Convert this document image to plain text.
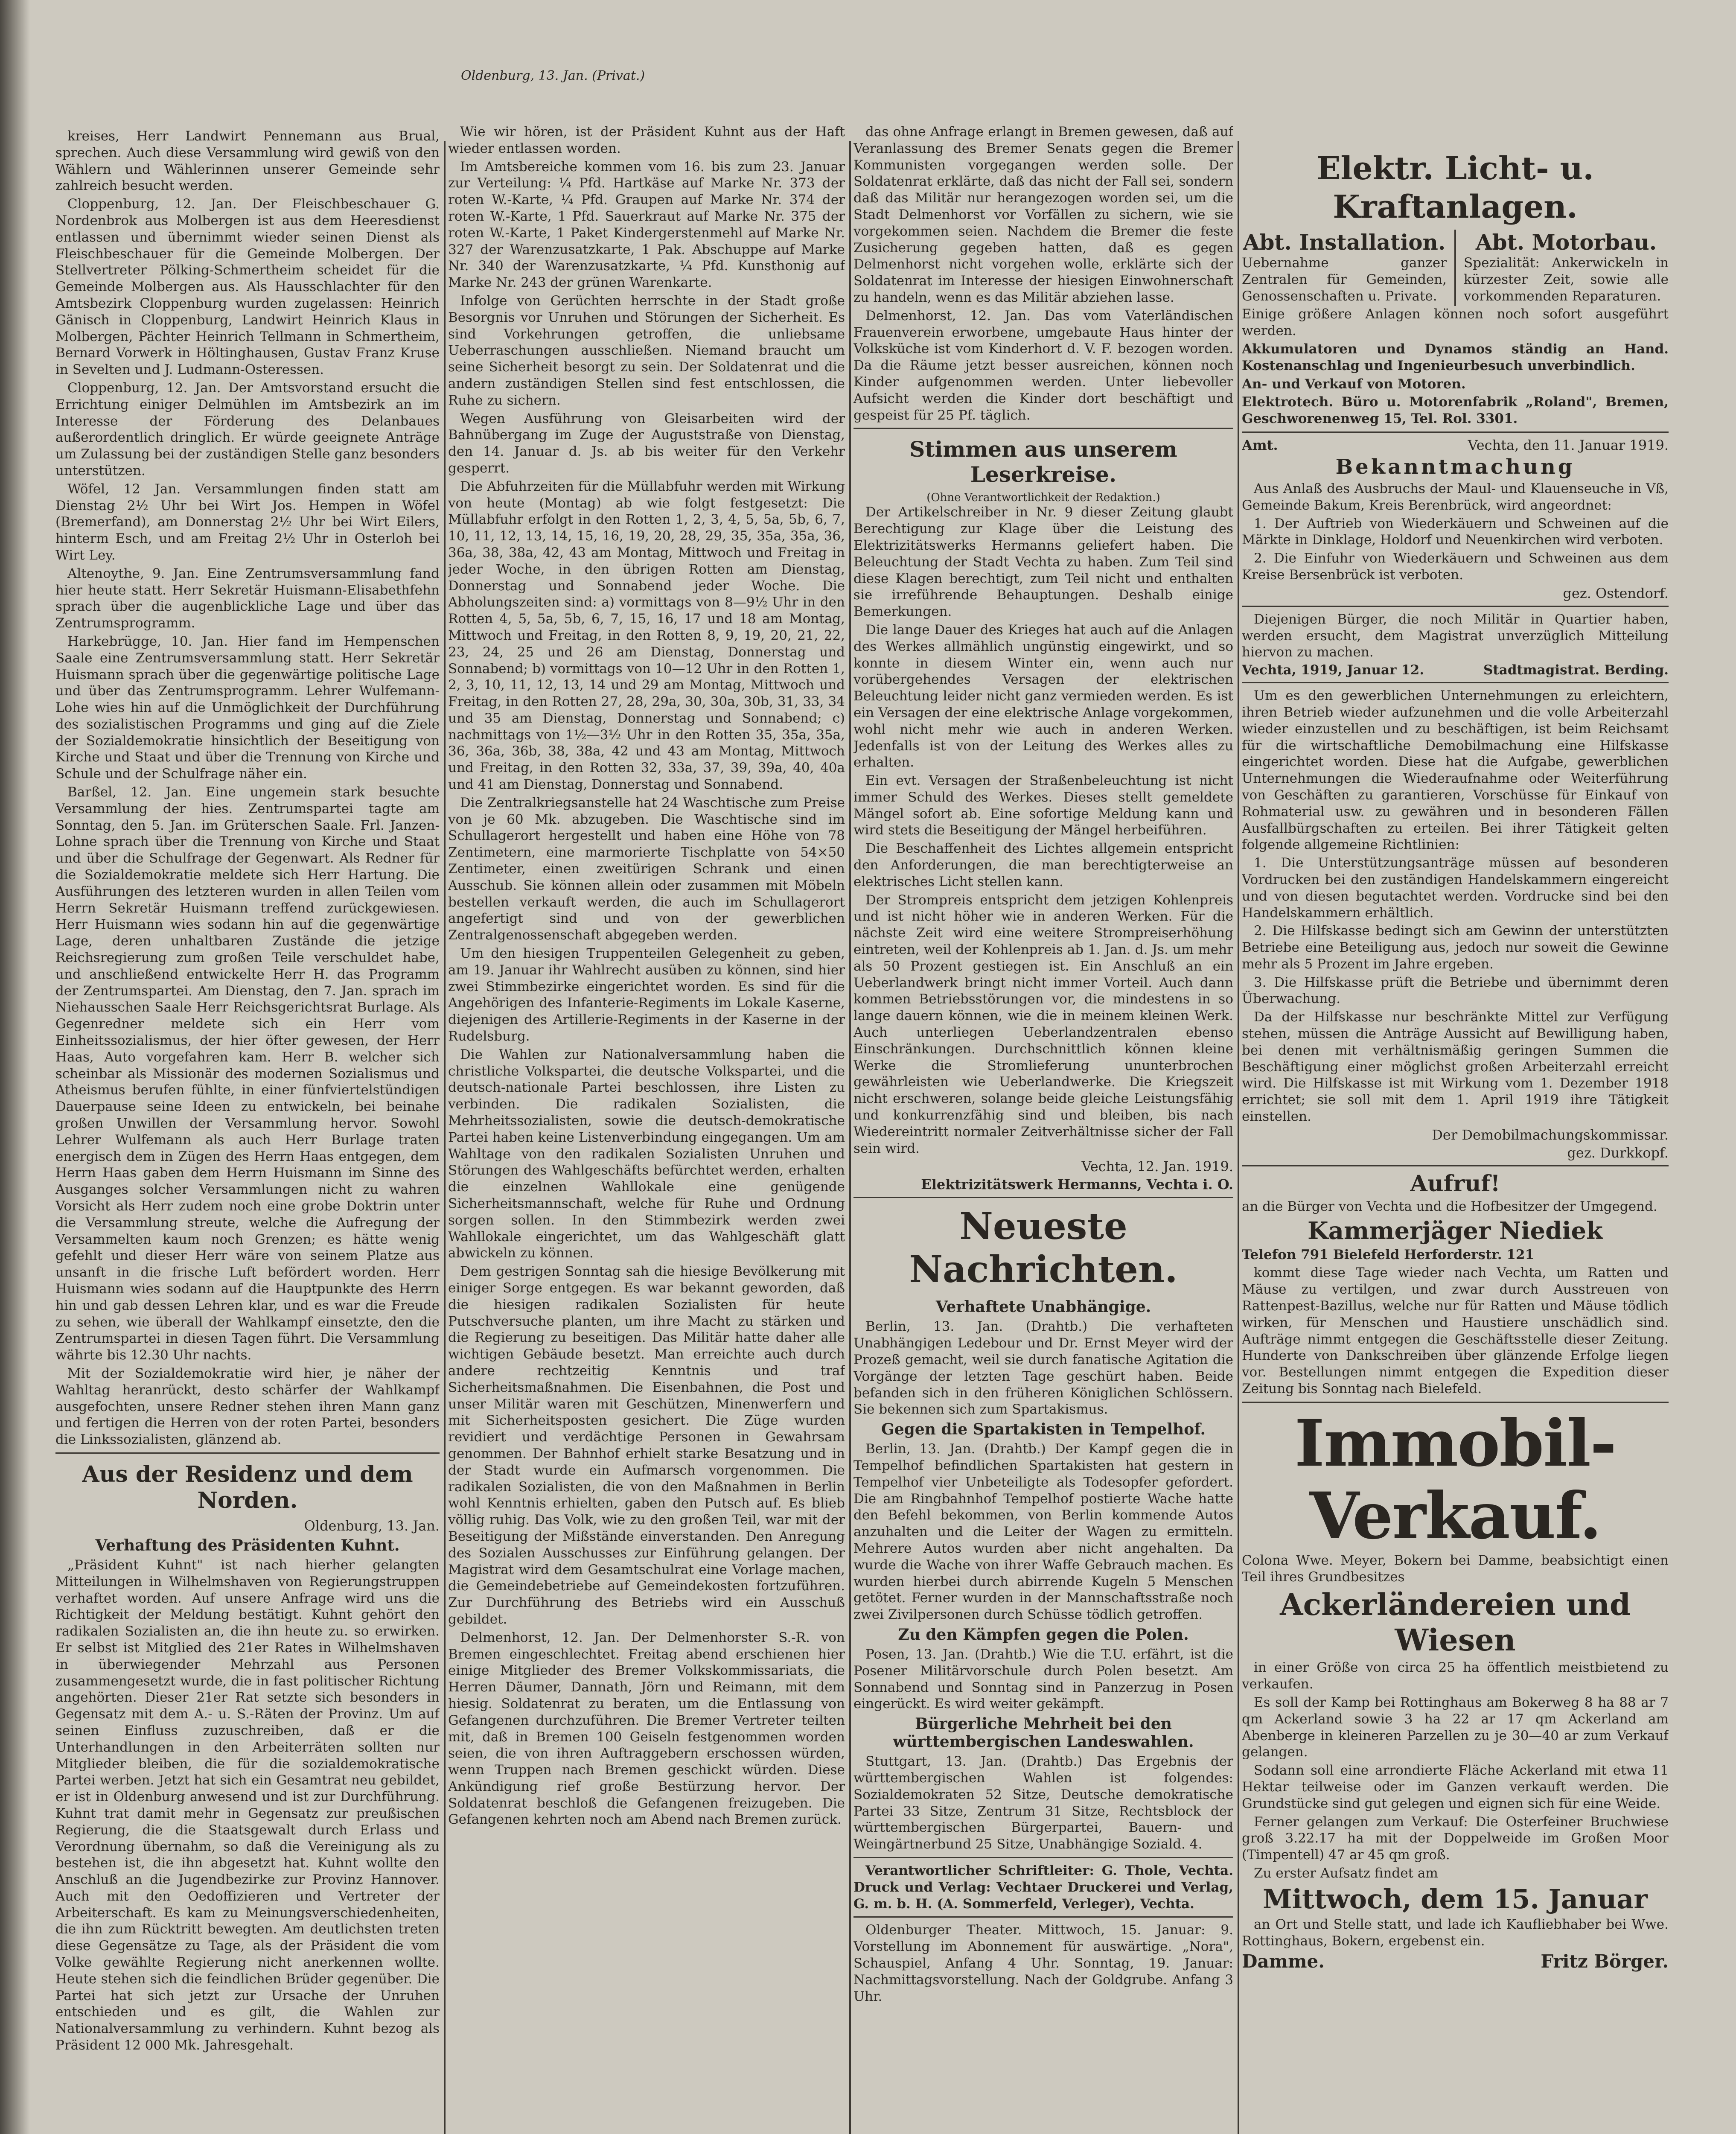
Oldenburg, 13. Jan. (Privat.)

kreises, Herr Landwirt Pennemann aus Brual, sprechen. Auch diese Versammlung wird gewiß von den Wählern und Wählerinnen unserer Gemeinde sehr zahlreich besucht werden.

Cloppenburg, 12. Jan. Der Fleischbeschauer G. Nordenbrok aus Molbergen ist aus dem Heeresdienst entlassen und übernimmt wieder seinen Dienst als Fleischbeschauer für die Gemeinde Molbergen. Der Stellvertreter Pölking-Schmertheim scheidet für die Gemeinde Molbergen aus. Als Hausschlachter für den Amtsbezirk Cloppenburg wurden zugelassen: Heinrich Gänisch in Cloppenburg, Landwirt Heinrich Klaus in Molbergen, Pächter Heinrich Tellmann in Schmertheim, Bernard Vorwerk in Höltinghausen, Gustav Franz Kruse in Sevelten und J. Ludmann-Osteressen.

Cloppenburg, 12. Jan. Der Amtsvorstand ersucht die Errichtung einiger Delmühlen im Amtsbezirk an im Interesse der Förderung des Delanbaues außerordentlich dringlich. Er würde geeignete Anträge um Zulassung bei der zuständigen Stelle ganz besonders unterstützen.

Wöfel, 12 Jan. Versammlungen finden statt am Dienstag 2½ Uhr bei Wirt Jos. Hempen in Wöfel (Bremerfand), am Donnerstag 2½ Uhr bei Wirt Eilers, hinterm Esch, und am Freitag 2½ Uhr in Osterloh bei Wirt Ley.

Altenoythe, 9. Jan. Eine Zentrumsversammlung fand hier heute statt. Herr Sekretär Huismann-Elisabethfehn sprach über die augenblickliche Lage und über das Zentrumsprogramm.

Harkebrügge, 10. Jan. Hier fand im Hempenschen Saale eine Zentrumsversammlung statt. Herr Sekretär Huismann sprach über die gegenwärtige politische Lage und über das Zentrumsprogramm. Lehrer Wulfemann-Lohe wies hin auf die Unmöglichkeit der Durchführung des sozialistischen Programms und ging auf die Ziele der Sozialdemokratie hinsichtlich der Beseitigung von Kirche und Staat und über die Trennung von Kirche und Schule und der Schulfrage näher ein.

Barßel, 12. Jan. Eine ungemein stark besuchte Versammlung der hies. Zentrumspartei tagte am Sonntag, den 5. Jan. im Grüterschen Saale. Frl. Janzen-Lohne sprach über die Trennung von Kirche und Staat und über die Schulfrage der Gegenwart. Als Redner für die Sozialdemokratie meldete sich Herr Hartung. Die Ausführungen des letzteren wurden in allen Teilen vom Herrn Sekretär Huismann treffend zurückgewiesen. Herr Huismann wies sodann hin auf die gegenwärtige Lage, deren unhaltbaren Zustände die jetzige Reichsregierung zum großen Teile verschuldet habe, und anschließend entwickelte Herr H. das Programm der Zentrumspartei. Am Dienstag, den 7. Jan. sprach im Niehausschen Saale Herr Reichsgerichtsrat Burlage. Als Gegenredner meldete sich ein Herr vom Einheitssozialismus, der hier öfter gewesen, der Herr Haas, Auto vorgefahren kam. Herr B. welcher sich scheinbar als Missionär des modernen Sozialismus und Atheismus berufen fühlte, in einer fünfviertelstündigen Dauerpause seine Ideen zu entwickeln, bei beinahe großen Unwillen der Versammlung hervor. Sowohl Lehrer Wulfemann als auch Herr Burlage traten energisch dem in Zügen des Herrn Haas entgegen, dem Herrn Haas gaben dem Herrn Huismann im Sinne des Ausganges solcher Versammlungen nicht zu wahren Vorsicht als Herr zudem noch eine grobe Doktrin unter die Versammlung streute, welche die Aufregung der Versammelten kaum noch Grenzen; es hätte wenig gefehlt und dieser Herr wäre von seinem Platze aus unsanft in die frische Luft befördert worden. Herr Huismann wies sodann auf die Hauptpunkte des Herrn hin und gab dessen Lehren klar, und es war die Freude zu sehen, wie überall der Wahlkampf einsetzte, den die Zentrumspartei in diesen Tagen führt. Die Versammlung währte bis 12.30 Uhr nachts.

Mit der Sozialdemokratie wird hier, je näher der Wahltag heranrückt, desto schärfer der Wahlkampf ausgefochten, unsere Redner stehen ihren Mann ganz und fertigen die Herren von der roten Partei, besonders die Linkssozialisten, glänzend ab.

Aus der Residenz und dem Norden.
Oldenburg, 13. Jan.
Verhaftung des Präsidenten Kuhnt.

„Präsident Kuhnt" ist nach hierher gelangten Mitteilungen in Wilhelmshaven von Regierungstruppen verhaftet worden. Auf unsere Anfrage wird uns die Richtigkeit der Meldung bestätigt. Kuhnt gehört den radikalen Sozialisten an, die ihn heute zu. so erwirken. Er selbst ist Mitglied des 21er Rates in Wilhelmshaven in überwiegender Mehrzahl aus Personen zusammengesetzt wurde, die in fast politischer Richtung angehörten. Dieser 21er Rat setzte sich besonders in Gegensatz mit dem A.- u. S.-Räten der Provinz. Um auf seinen Einfluss zuzuschreiben, daß er die Unterhandlungen in den Arbeiterräten sollten nur Mitglieder bleiben, die für die sozialdemokratische Partei werben. Jetzt hat sich ein Gesamtrat neu gebildet, er ist in Oldenburg anwesend und ist zur Durchführung. Kuhnt trat damit mehr in Gegensatz zur preußischen Regierung, die die Staatsgewalt durch Erlass und Verordnung übernahm, so daß die Vereinigung als zu bestehen ist, die ihn abgesetzt hat. Kuhnt wollte den Anschluß an die Jugendbezirke zur Provinz Hannover. Auch mit den Oedoffizieren und Vertreter der Arbeiterschaft. Es kam zu Meinungsverschiedenheiten, die ihn zum Rücktritt bewegten. Am deutlichsten treten diese Gegensätze zu Tage, als der Präsident die vom Volke gewählte Regierung nicht anerkennen wollte. Heute stehen sich die feindlichen Brüder gegenüber. Die Partei hat sich jetzt zur Ursache der Unruhen entschieden und es gilt, die Wahlen zur Nationalversammlung zu verhindern. Kuhnt bezog als Präsident 12 000 Mk. Jahresgehalt.

Wie wir hören, ist der Präsident Kuhnt aus der Haft wieder entlassen worden.

Im Amtsbereiche kommen vom 16. bis zum 23. Januar zur Verteilung: ¼ Pfd. Hartkäse auf Marke Nr. 373 der roten W.-Karte, ¼ Pfd. Graupen auf Marke Nr. 374 der roten W.-Karte, 1 Pfd. Sauerkraut auf Marke Nr. 375 der roten W.-Karte, 1 Paket Kindergerstenmehl auf Marke Nr. 327 der Warenzusatzkarte, 1 Pak. Abschuppe auf Marke Nr. 340 der Warenzusatzkarte, ¼ Pfd. Kunsthonig auf Marke Nr. 243 der grünen Warenkarte.

Infolge von Gerüchten herrschte in der Stadt große Besorgnis vor Unruhen und Störungen der Sicherheit. Es sind Vorkehrungen getroffen, die unliebsame Ueberraschungen ausschließen. Niemand braucht um seine Sicherheit besorgt zu sein. Der Soldatenrat und die andern zuständigen Stellen sind fest entschlossen, die Ruhe zu sichern.

Wegen Ausführung von Gleisarbeiten wird der Bahnübergang im Zuge der Auguststraße von Dienstag, den 14. Januar d. Js. ab bis weiter für den Verkehr gesperrt.

Die Abfuhrzeiten für die Müllabfuhr werden mit Wirkung von heute (Montag) ab wie folgt festgesetzt: Die Müllabfuhr erfolgt in den Rotten 1, 2, 3, 4, 5, 5a, 5b, 6, 7, 10, 11, 12, 13, 14, 15, 16, 19, 20, 28, 29, 35, 35a, 35a, 36, 36a, 38, 38a, 42, 43 am Montag, Mittwoch und Freitag in jeder Woche, in den übrigen Rotten am Dienstag, Donnerstag und Sonnabend jeder Woche. Die Abholungszeiten sind: a) vormittags von 8—9½ Uhr in den Rotten 4, 5, 5a, 5b, 6, 7, 15, 16, 17 und 18 am Montag, Mittwoch und Freitag, in den Rotten 8, 9, 19, 20, 21, 22, 23, 24, 25 und 26 am Dienstag, Donnerstag und Sonnabend; b) vormittags von 10—12 Uhr in den Rotten 1, 2, 3, 10, 11, 12, 13, 14 und 29 am Montag, Mittwoch und Freitag, in den Rotten 27, 28, 29a, 30, 30a, 30b, 31, 33, 34 und 35 am Dienstag, Donnerstag und Sonnabend; c) nachmittags von 1½—3½ Uhr in den Rotten 35, 35a, 35a, 36, 36a, 36b, 38, 38a, 42 und 43 am Montag, Mittwoch und Freitag, in den Rotten 32, 33a, 37, 39, 39a, 40, 40a und 41 am Dienstag, Donnerstag und Sonnabend.

Die Zentralkriegsanstelle hat 24 Waschtische zum Preise von je 60 Mk. abzugeben. Die Waschtische sind im Schullagerort hergestellt und haben eine Höhe von 78 Zentimetern, eine marmorierte Tischplatte von 54×50 Zentimeter, einen zweitürigen Schrank und einen Ausschub. Sie können allein oder zusammen mit Möbeln bestellen verkauft werden, die auch im Schullagerort angefertigt sind und von der gewerblichen Zentralgenossenschaft abgegeben werden.

Um den hiesigen Truppenteilen Gelegenheit zu geben, am 19. Januar ihr Wahlrecht ausüben zu können, sind hier zwei Stimmbezirke eingerichtet worden. Es sind für die Angehörigen des Infanterie-Regiments im Lokale Kaserne, diejenigen des Artillerie-Regiments in der Kaserne in der Rudelsburg.

Die Wahlen zur Nationalversammlung haben die christliche Volkspartei, die deutsche Volkspartei, und die deutsch-nationale Partei beschlossen, ihre Listen zu verbinden. Die radikalen Sozialisten, die Mehrheitssozialisten, sowie die deutsch-demokratische Partei haben keine Listenverbindung eingegangen. Um am Wahltage von den radikalen Sozialisten Unruhen und Störungen des Wahlgeschäfts befürchtet werden, erhalten die einzelnen Wahllokale eine genügende Sicherheitsmannschaft, welche für Ruhe und Ordnung sorgen sollen. In den Stimmbezirk werden zwei Wahllokale eingerichtet, um das Wahlgeschäft glatt abwickeln zu können.

Dem gestrigen Sonntag sah die hiesige Bevölkerung mit einiger Sorge entgegen. Es war bekannt geworden, daß die hiesigen radikalen Sozialisten für heute Putschversuche planten, um ihre Macht zu stärken und die Regierung zu beseitigen. Das Militär hatte daher alle wichtigen Gebäude besetzt. Man erreichte auch durch andere rechtzeitig Kenntnis und traf Sicherheitsmaßnahmen. Die Eisenbahnen, die Post und unser Militär waren mit Geschützen, Minenwerfern und mit Sicherheitsposten gesichert. Die Züge wurden revidiert und verdächtige Personen in Gewahrsam genommen. Der Bahnhof erhielt starke Besatzung und in der Stadt wurde ein Aufmarsch vorgenommen. Die radikalen Sozialisten, die von den Maßnahmen in Berlin wohl Kenntnis erhielten, gaben den Putsch auf. Es blieb völlig ruhig. Das Volk, wie zu den großen Teil, war mit der Beseitigung der Mißstände einverstanden. Den Anregung des Sozialen Ausschusses zur Einführung gelangen. Der Magistrat wird dem Gesamtschulrat eine Vorlage machen, die Gemeindebetriebe auf Gemeindekosten fortzuführen. Zur Durchführung des Betriebs wird ein Ausschuß gebildet.

Delmenhorst, 12. Jan. Der Delmenhorster S.-R. von Bremen eingeschlechtet. Freitag abend erschienen hier einige Mitglieder des Bremer Volkskommissariats, die Herren Däumer, Dannath, Jörn und Reimann, mit dem hiesig. Soldatenrat zu beraten, um die Entlassung von Gefangenen durchzuführen. Die Bremer Vertreter teilten mit, daß in Bremen 100 Geiseln festgenommen worden seien, die von ihren Auftraggebern erschossen würden, wenn Truppen nach Bremen geschickt würden. Diese Ankündigung rief große Bestürzung hervor. Der Soldatenrat beschloß die Gefangenen freizugeben. Die Gefangenen kehrten noch am Abend nach Bremen zurück.

das ohne Anfrage erlangt in Bremen gewesen, daß auf Veranlassung des Bremer Senats gegen die Bremer Kommunisten vorgegangen werden solle. Der Soldatenrat erklärte, daß das nicht der Fall sei, sondern daß das Militär nur herangezogen worden sei, um die Stadt Delmenhorst vor Vorfällen zu sichern, wie sie vorgekommen seien. Nachdem die Bremer die feste Zusicherung gegeben hatten, daß es gegen Delmenhorst nicht vorgehen wolle, erklärte sich der Soldatenrat im Interesse der hiesigen Einwohnerschaft zu handeln, wenn es das Militär abziehen lasse.

Delmenhorst, 12. Jan. Das vom Vaterländischen Frauenverein erworbene, umgebaute Haus hinter der Volksküche ist vom Kinderhort d. V. F. bezogen worden. Da die Räume jetzt besser ausreichen, können noch Kinder aufgenommen werden. Unter liebevoller Aufsicht werden die Kinder dort beschäftigt und gespeist für 25 Pf. täglich.

Stimmen aus unserem Leserkreise.
(Ohne Verantwortlichkeit der Redaktion.)

Der Artikelschreiber in Nr. 9 dieser Zeitung glaubt Berechtigung zur Klage über die Leistung des Elektrizitätswerks Hermanns geliefert haben. Die Beleuchtung der Stadt Vechta zu haben. Zum Teil sind diese Klagen berechtigt, zum Teil nicht und enthalten sie irreführende Behauptungen. Deshalb einige Bemerkungen.

Die lange Dauer des Krieges hat auch auf die Anlagen des Werkes allmählich ungünstig eingewirkt, und so konnte in diesem Winter ein, wenn auch nur vorübergehendes Versagen der elektrischen Beleuchtung leider nicht ganz vermieden werden. Es ist ein Versagen der eine elektrische Anlage vorgekommen, wohl nicht mehr wie auch in anderen Werken. Jedenfalls ist von der Leitung des Werkes alles zu erhalten.

Ein evt. Versagen der Straßenbeleuchtung ist nicht immer Schuld des Werkes. Dieses stellt gemeldete Mängel sofort ab. Eine sofortige Meldung kann und wird stets die Beseitigung der Mängel herbeiführen.

Die Beschaffenheit des Lichtes allgemein entspricht den Anforderungen, die man berechtigterweise an elektrisches Licht stellen kann.

Der Strompreis entspricht dem jetzigen Kohlenpreis und ist nicht höher wie in anderen Werken. Für die nächste Zeit wird eine weitere Strompreiserhöhung eintreten, weil der Kohlenpreis ab 1. Jan. d. Js. um mehr als 50 Prozent gestiegen ist. Ein Anschluß an ein Ueberlandwerk bringt nicht immer Vorteil. Auch dann kommen Betriebsstörungen vor, die mindestens in so lange dauern können, wie die in meinem kleinen Werk. Auch unterliegen Ueberlandzentralen ebenso Einschränkungen. Durchschnittlich können kleine Werke die Stromlieferung ununterbrochen gewährleisten wie Ueberlandwerke. Die Kriegszeit nicht erschweren, solange beide gleiche Leistungsfähig und konkurrenzfähig sind und bleiben, bis nach Wiedereintritt normaler Zeitverhältnisse sicher der Fall sein wird.

Vechta, 12. Jan. 1919.
Elektrizitätswerk Hermanns, Vechta i. O.
Neueste Nachrichten.
Verhaftete Unabhängige.

Berlin, 13. Jan. (Drahtb.) Die verhafteten Unabhängigen Ledebour und Dr. Ernst Meyer wird der Prozeß gemacht, weil sie durch fanatische Agitation die Vorgänge der letzten Tage geschürt haben. Beide befanden sich in den früheren Königlichen Schlössern. Sie bekennen sich zum Spartakismus.

Gegen die Spartakisten in Tempelhof.

Berlin, 13. Jan. (Drahtb.) Der Kampf gegen die in Tempelhof befindlichen Spartakisten hat gestern in Tempelhof vier Unbeteiligte als Todesopfer gefordert. Die am Ringbahnhof Tempelhof postierte Wache hatte den Befehl bekommen, von Berlin kommende Autos anzuhalten und die Leiter der Wagen zu ermitteln. Mehrere Autos wurden aber nicht angehalten. Da wurde die Wache von ihrer Waffe Gebrauch machen. Es wurden hierbei durch abirrende Kugeln 5 Menschen getötet. Ferner wurden in der Mannschaftsstraße noch zwei Zivilpersonen durch Schüsse tödlich getroffen.

Zu den Kämpfen gegen die Polen.

Posen, 13. Jan. (Drahtb.) Wie die T.U. erfährt, ist die Posener Militärvorschule durch Polen besetzt. Am Sonnabend und Sonntag sind in Panzerzug in Posen eingerückt. Es wird weiter gekämpft.

Bürgerliche Mehrheit bei den württembergischen Landeswahlen.

Stuttgart, 13. Jan. (Drahtb.) Das Ergebnis der württembergischen Wahlen ist folgendes: Sozialdemokraten 52 Sitze, Deutsche demokratische Partei 33 Sitze, Zentrum 31 Sitze, Rechtsblock der württembergischen Bürgerpartei, Bauern- und Weingärtnerbund 25 Sitze, Unabhängige Soziald. 4.

Verantwortlicher Schriftleiter: G. Thole, Vechta. Druck und Verlag: Vechtaer Druckerei und Verlag, G. m. b. H. (A. Sommerfeld, Verleger), Vechta.

Oldenburger Theater. Mittwoch, 15. Januar: 9. Vorstellung im Abonnement für auswärtige. „Nora", Schauspiel, Anfang 4 Uhr. Sonntag, 19. Januar: Nachmittagsvorstellung. Nach der Goldgrube. Anfang 3 Uhr.

Elektr. Licht- u. Kraftanlagen.
Abt. Installation.

Uebernahme ganzer Zentralen für Gemeinden, Genossenschaften u. Private.

Abt. Motorbau.

Spezialität: Ankerwickeln in kürzester Zeit, sowie alle vorkommenden Reparaturen.

Einige größere Anlagen können noch sofort ausgeführt werden.

Akkumulatoren und Dynamos ständig an Hand. Kostenanschlag und Ingenieurbesuch unverbindlich.

An- und Verkauf von Motoren.

Elektrotech. Büro u. Motorenfabrik „Roland", Bremen, Geschworenenweg 15, Tel. Rol. 3301.

Amt.	Vechta, den 11. Januar 1919.
Bekanntmachung

Aus Anlaß des Ausbruchs der Maul- und Klauenseuche in Vß, Gemeinde Bakum, Kreis Berenbrück, wird angeordnet:

1. Der Auftrieb von Wiederkäuern und Schweinen auf die Märkte in Dinklage, Holdorf und Neuenkirchen wird verboten.

2. Die Einfuhr von Wiederkäuern und Schweinen aus dem Kreise Bersenbrück ist verboten.

gez. Ostendorf.

Diejenigen Bürger, die noch Militär in Quartier haben, werden ersucht, dem Magistrat unverzüglich Mitteilung hiervon zu machen.

Vechta, 1919, Januar 12.	Stadtmagistrat. Berding.

Um es den gewerblichen Unternehmungen zu erleichtern, ihren Betrieb wieder aufzunehmen und die volle Arbeiterzahl wieder einzustellen und zu beschäftigen, ist beim Reichsamt für die wirtschaftliche Demobilmachung eine Hilfskasse eingerichtet worden. Diese hat die Aufgabe, gewerblichen Unternehmungen die Wiederaufnahme oder Weiterführung von Geschäften zu garantieren, Vorschüsse für Einkauf von Rohmaterial usw. zu gewähren und in besonderen Fällen Ausfallbürgschaften zu erteilen. Bei ihrer Tätigkeit gelten folgende allgemeine Richtlinien:

1. Die Unterstützungsanträge müssen auf besonderen Vordrucken bei den zuständigen Handelskammern eingereicht und von diesen begutachtet werden. Vordrucke sind bei den Handelskammern erhältlich.

2. Die Hilfskasse bedingt sich am Gewinn der unterstützten Betriebe eine Beteiligung aus, jedoch nur soweit die Gewinne mehr als 5 Prozent im Jahre ergeben.

3. Die Hilfskasse prüft die Betriebe und übernimmt deren Überwachung.

Da der Hilfskasse nur beschränkte Mittel zur Verfügung stehen, müssen die Anträge Aussicht auf Bewilligung haben, bei denen mit verhältnismäßig geringen Summen die Beschäftigung einer möglichst großen Arbeiterzahl erreicht wird. Die Hilfskasse ist mit Wirkung vom 1. Dezember 1918 errichtet; sie soll mit dem 1. April 1919 ihre Tätigkeit einstellen.

Der Demobilmachungskommissar.
gez. Durkkopf.
Aufruf!

an die Bürger von Vechta und die Hofbesitzer der Umgegend.

Kammerjäger Niediek

Telefon 791 Bielefeld Herforderstr. 121

kommt diese Tage wieder nach Vechta, um Ratten und Mäuse zu vertilgen, und zwar durch Ausstreuen von Rattenpest-Bazillus, welche nur für Ratten und Mäuse tödlich wirken, für Menschen und Haustiere unschädlich sind. Aufträge nimmt entgegen die Geschäftsstelle dieser Zeitung. Hunderte von Dankschreiben über glänzende Erfolge liegen vor. Bestellungen nimmt entgegen die Expedition dieser Zeitung bis Sonntag nach Bielefeld.

Immobil-Verkauf.

Colona Wwe. Meyer, Bokern bei Damme, beabsichtigt einen Teil ihres Grundbesitzes

Ackerländereien und Wiesen

in einer Größe von circa 25 ha öffentlich meistbietend zu verkaufen.

Es soll der Kamp bei Rottinghaus am Bokerweg 8 ha 88 ar 7 qm Ackerland sowie 3 ha 22 ar 17 qm Ackerland am Abenberge in kleineren Parzellen zu je 30—40 ar zum Verkauf gelangen.

Sodann soll eine arrondierte Fläche Ackerland mit etwa 11 Hektar teilweise oder im Ganzen verkauft werden. Die Grundstücke sind gut gelegen und eignen sich für eine Weide.

Ferner gelangen zum Verkauf: Die Osterfeiner Bruchwiese groß 3.22.17 ha mit der Doppelweide im Großen Moor (Timpentell) 47 ar 45 qm groß.

Zu erster Aufsatz findet am

Mittwoch, dem 15. Januar

an Ort und Stelle statt, und lade ich Kaufliebhaber bei Wwe. Rottinghaus, Bokern, ergebenst ein.

Damme.	Fritz Börger.
